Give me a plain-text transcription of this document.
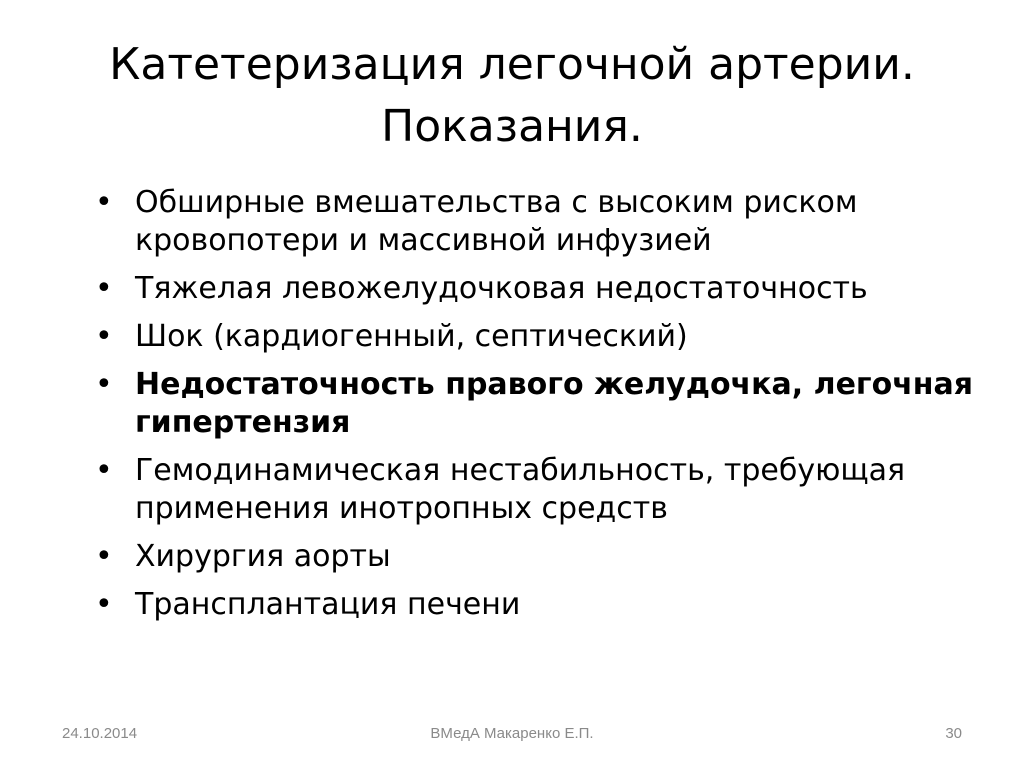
Катетеризация легочной артерии.
Показания.
• Обширные вмешательства с высоким риском кровопотери и массивной инфузией
• Тяжелая левожелудочковая недостаточность
• Шок (кардиогенный, септический)
• Недостаточность правого желудочка, легочная гипертензия
• Гемодинамическая нестабильность, требующая применения инотропных средств
• Хирургия аорты
• Трансплантация печени
24.10.2014	ВМедА Макаренко Е.П.	30
